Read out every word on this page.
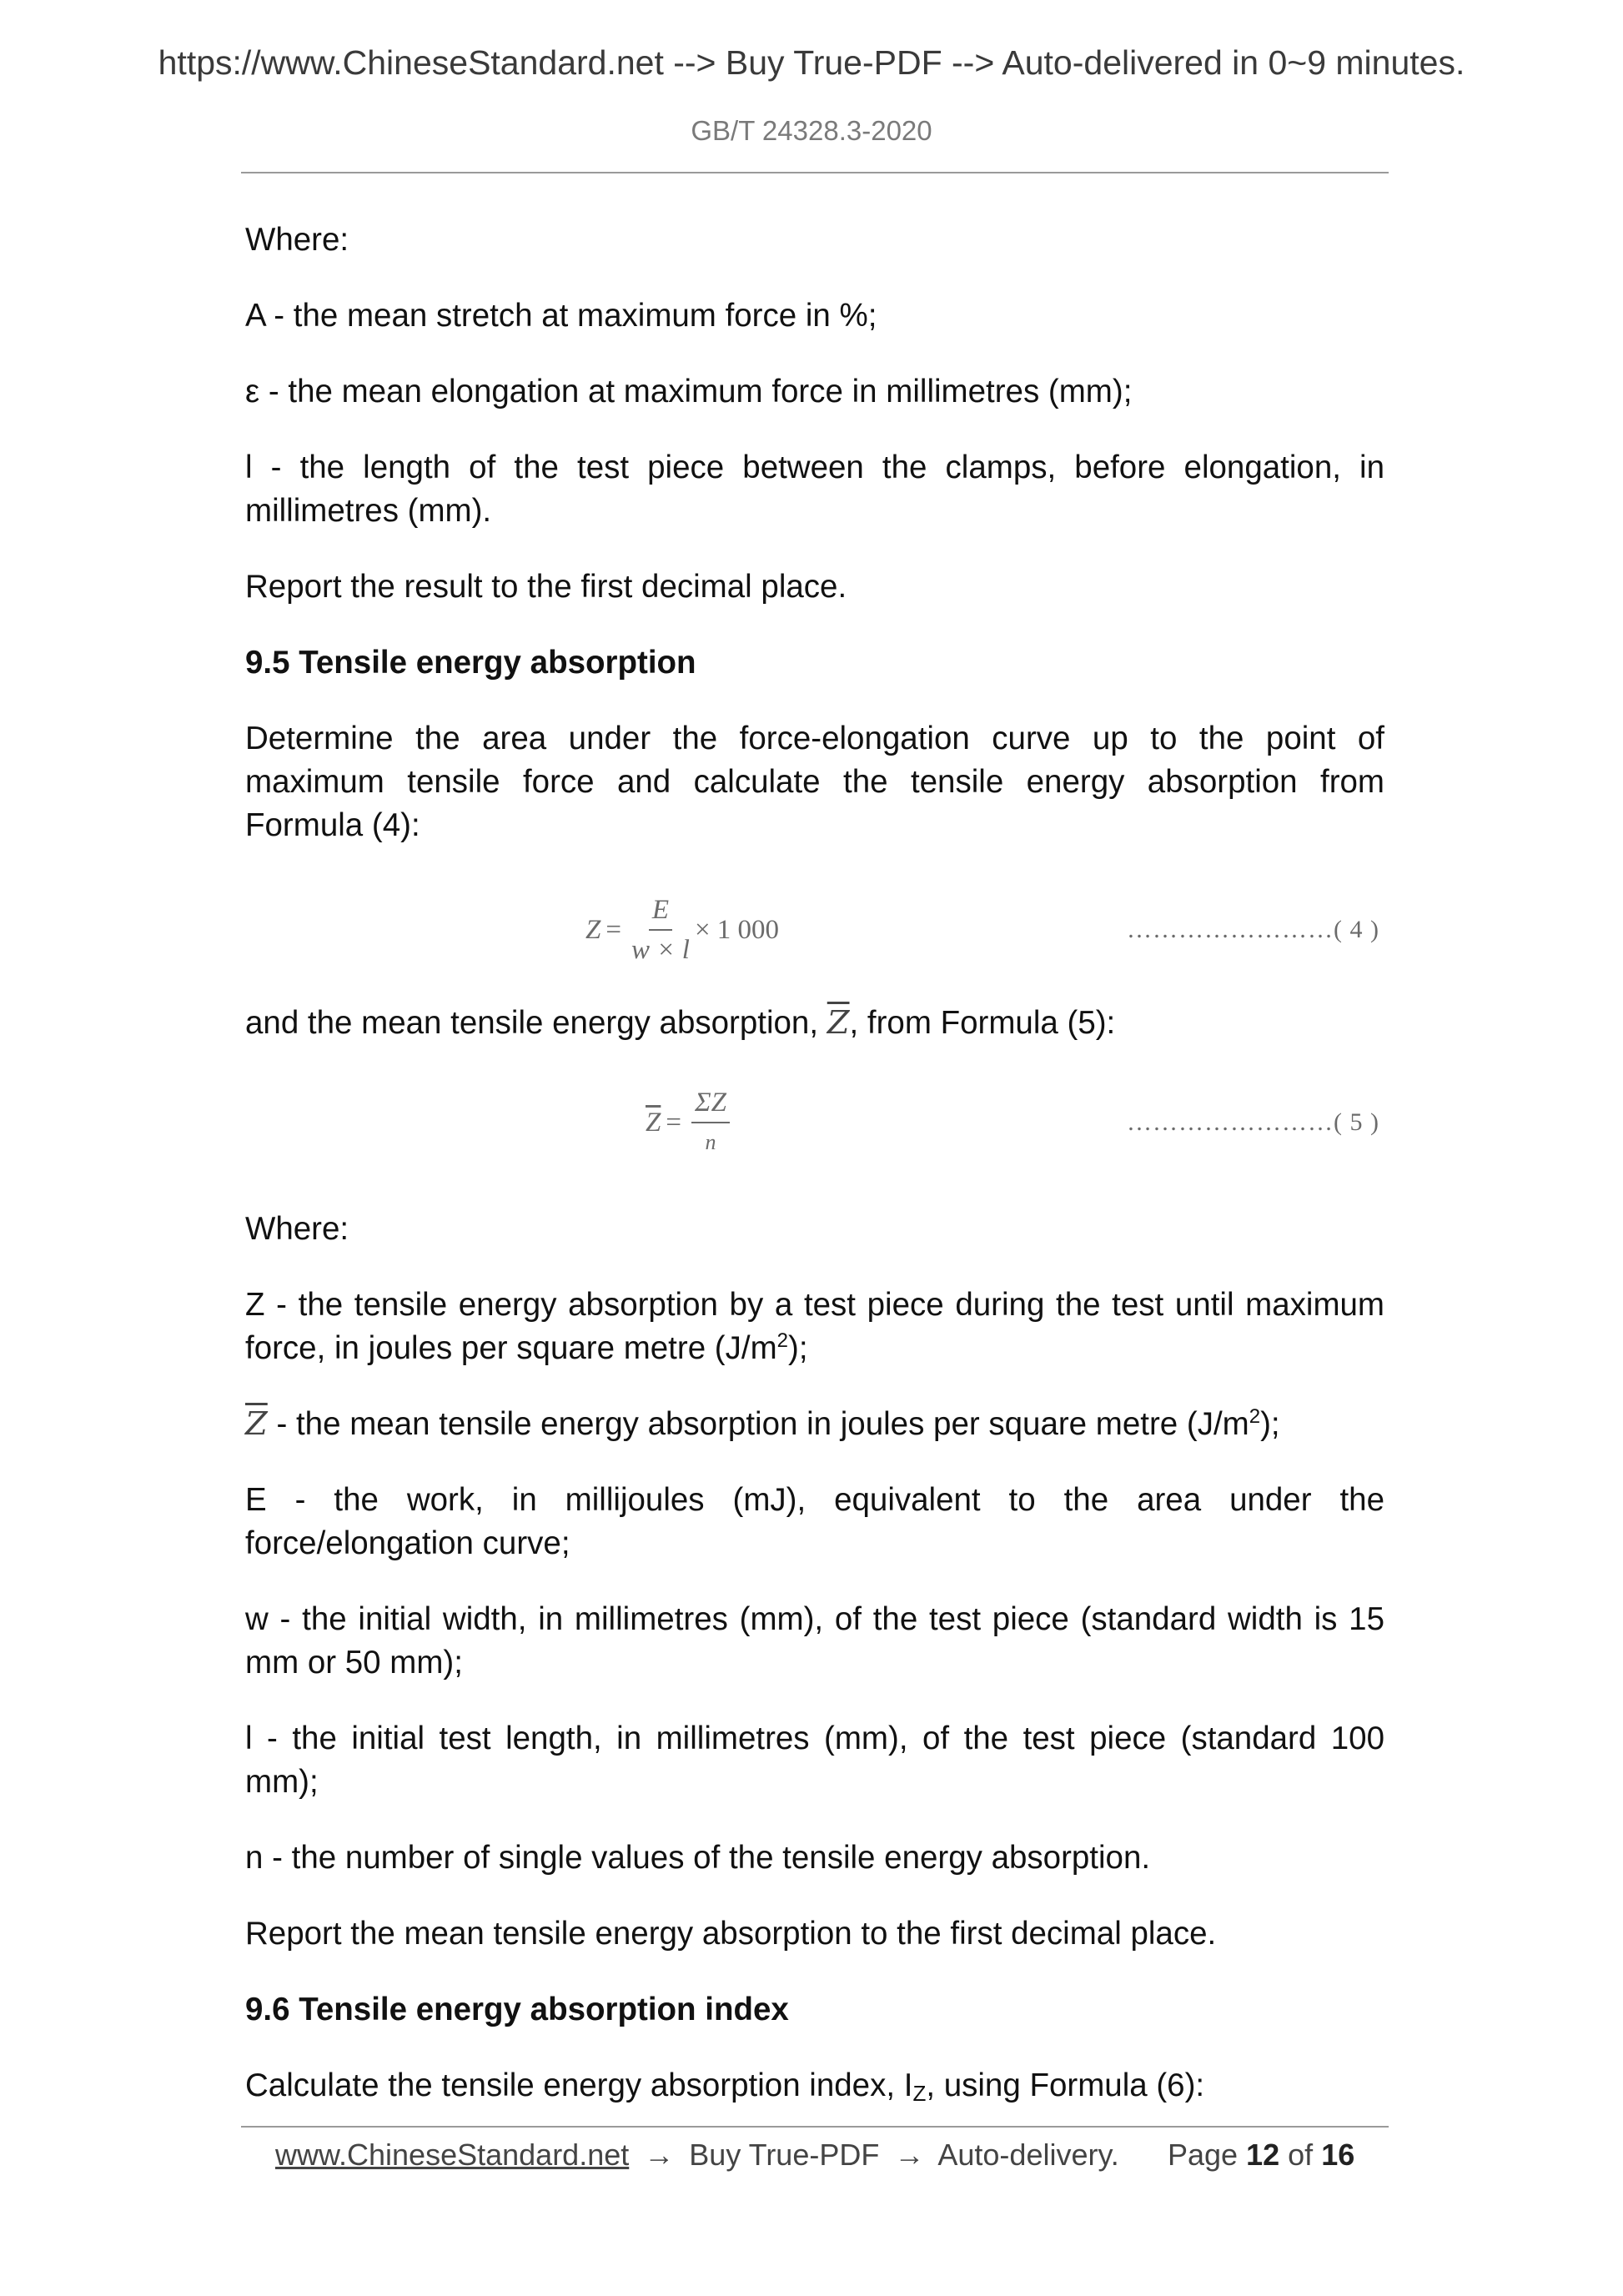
https://www.ChineseStandard.net --> Buy True-PDF --> Auto-delivered in 0~9 minutes.
GB/T 24328.3-2020

Where:

A - the mean stretch at maximum force in %;

ε - the mean elongation at maximum force in millimetres (mm);

l - the length of the test piece between the clamps, before elongation, in millimetres (mm).

Report the result to the first decimal place.

9.5 Tensile energy absorption

Determine the area under the force-elongation curve up to the point of maximum tensile force and calculate the tensile energy absorption from Formula (4):

$Z = \frac{E}{w \times l} \times 1$ 000	……………………( 4 )

and the mean tensile energy absorption, $\overline{Z}$, from Formula (5):

$\overline{Z} = \frac{\Sigma Z}{n}$	……………………( 5 )

Where:

Z - the tensile energy absorption by a test piece during the test until maximum force, in joules per square metre $(J/m^2)$;

$\overline{Z}$ - the mean tensile energy absorption in joules per square metre $(J/m^2)$;

E - the work, in millijoules (mJ), equivalent to the area under the force/elongation curve;

w - the initial width, in millimetres (mm), of the test piece (standard width is 15 mm or 50 mm);

l - the initial test length, in millimetres (mm), of the test piece (standard 100 mm);

n - the number of single values of the tensile energy absorption.

Report the mean tensile energy absorption to the first decimal place.

9.6 Tensile energy absorption index

Calculate the tensile energy absorption index, $I_Z$, using Formula (6):

www.ChineseStandard.net → Buy True-PDF → Auto-delivery. Page 12 of 16
